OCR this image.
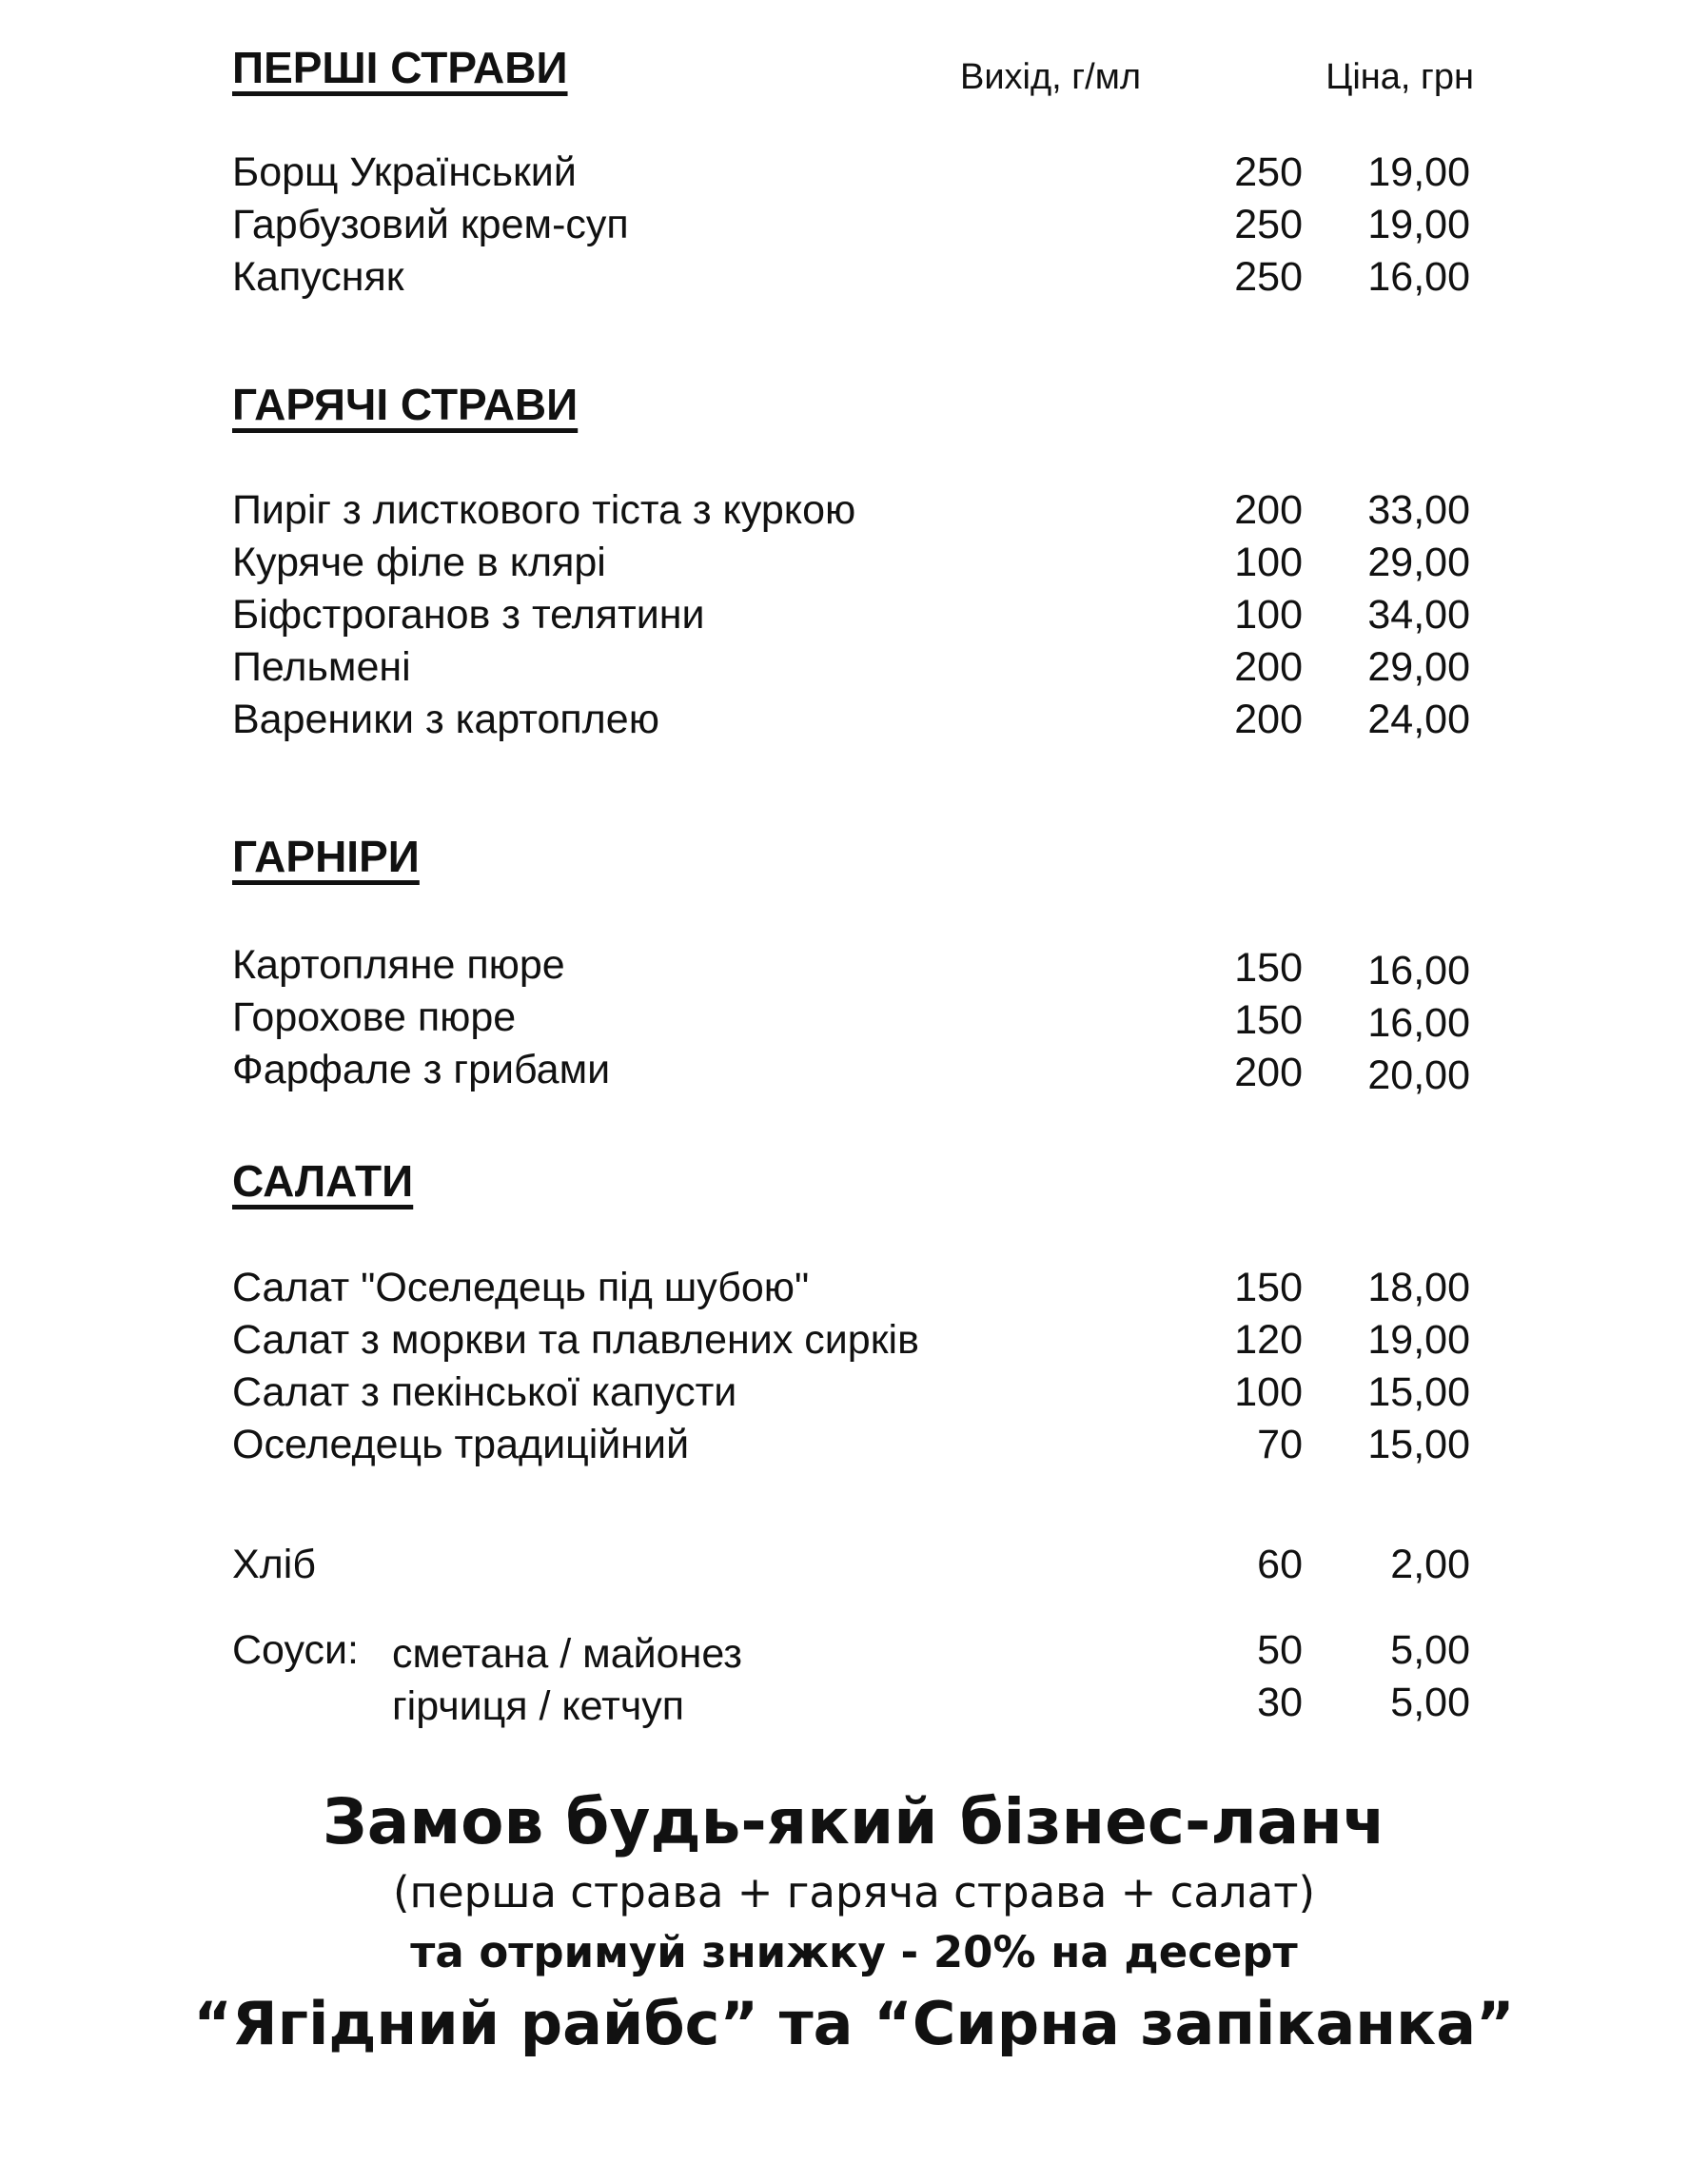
ПЕРШІ СТРАВИ	Вихід, г/мл	Ціна, грн
Борщ Український	250 19,00
Гарбузовий крем-суп	250 19,00
Капусняк	250 16,00
ГАРЯЧІ СТРАВИ
Пиріг з листкового тіста з куркою	200 33,00
Куряче філе в клярі	100 29,00
Біфстроганов з телятини	100 34,00
Пельмені	200 29,00
Вареники з картоплею	200 24,00
ГАРНІРИ
Картопляне пюре	150 16,00
Горохове пюре	150 16,00
Фарфале з грибами	200 20,00
САЛАТИ
Салат "Оселедець під шубою"	150 18,00
Салат з моркви та плавлених сирків	120 19,00
Салат з пекінської капусти	100 15,00
Оселедець традиційний	70 15,00
Хліб	60 2,00
Соуси: сметана / майонез	50 5,00
гірчиця / кетчуп	30 5,00
Замов будь-який бізнес-ланч
(перша страва + гаряча страва + салат)
та отримуй знижку - 20% на десерт
“Ягідний райбс” та “Сирна запіканка”
